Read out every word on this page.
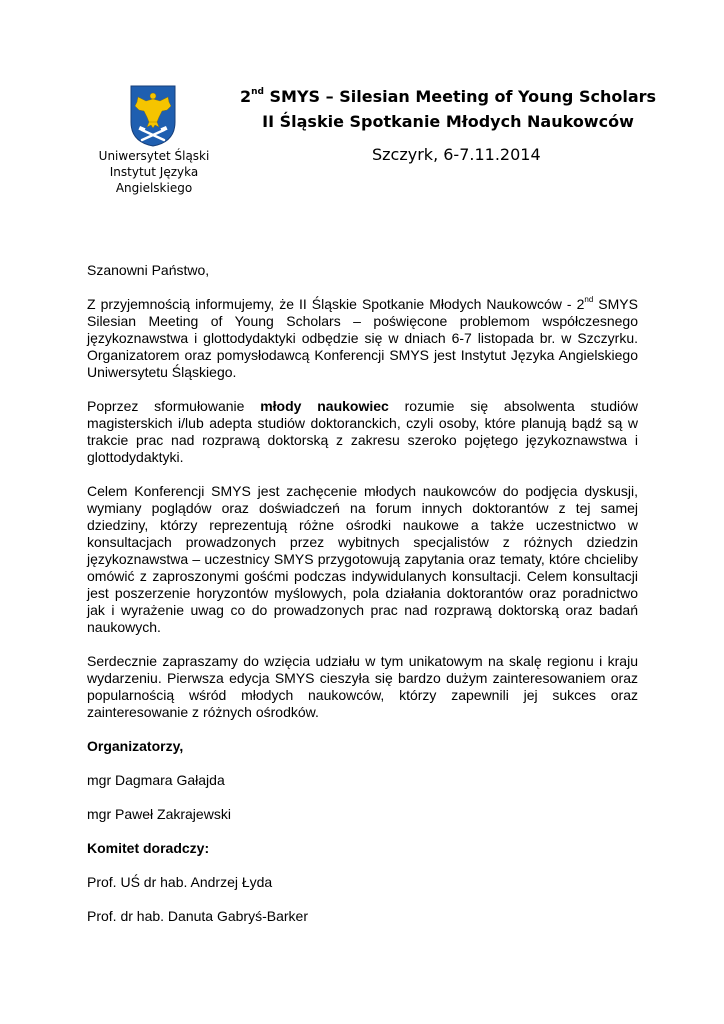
Uniwersytet Śląski
Instytut Języka
Angielskiego
2nd SMYS – Silesian Meeting of Young Scholars
II Śląskie Spotkanie Młodych Naukowców
Szczyrk, 6-7.11.2014

Szanowni Państwo,

Z przyjemnością informujemy, że II Śląskie Spotkanie Młodych Naukowców - 2nd SMYS Silesian Meeting of Young Scholars – poświęcone problemom współczesnego językoznawstwa i glottodydaktyki odbędzie się w dniach 6-7 listopada br. w Szczyrku. Organizatorem oraz pomysłodawcą Konferencji SMYS jest Instytut Języka Angielskiego Uniwersytetu Śląskiego.

Poprzez sformułowanie młody naukowiec rozumie się absolwenta studiów magisterskich i/lub adepta studiów doktoranckich, czyli osoby, które planują bądź są w trakcie prac nad rozprawą doktorską z zakresu szeroko pojętego językoznawstwa i glottodydaktyki.

Celem Konferencji SMYS jest zachęcenie młodych naukowców do podjęcia dyskusji, wymiany poglądów oraz doświadczeń na forum innych doktorantów z tej samej dziedziny, którzy reprezentują różne ośrodki naukowe a także uczestnictwo w konsultacjach prowadzonych przez wybitnych specjalistów z różnych dziedzin językoznawstwa – uczestnicy SMYS przygotowują zapytania oraz tematy, które chcieliby omówić z zaproszonymi gośćmi podczas indywidulanych konsultacji. Celem konsultacji jest poszerzenie horyzontów myślowych, pola działania doktorantów oraz poradnictwo jak i wyrażenie uwag co do prowadzonych prac nad rozprawą doktorską oraz badań naukowych.

Serdecznie zapraszamy do wzięcia udziału w tym unikatowym na skalę regionu i kraju wydarzeniu. Pierwsza edycja SMYS cieszyła się bardzo dużym zainteresowaniem oraz popularnością wśród młodych naukowców, którzy zapewnili jej sukces oraz zainteresowanie z różnych ośrodków.

Organizatorzy,

mgr Dagmara Gałajda

mgr Paweł Zakrajewski

Komitet doradczy:

Prof. UŚ dr hab. Andrzej Łyda

Prof. dr hab. Danuta Gabryś-Barker
